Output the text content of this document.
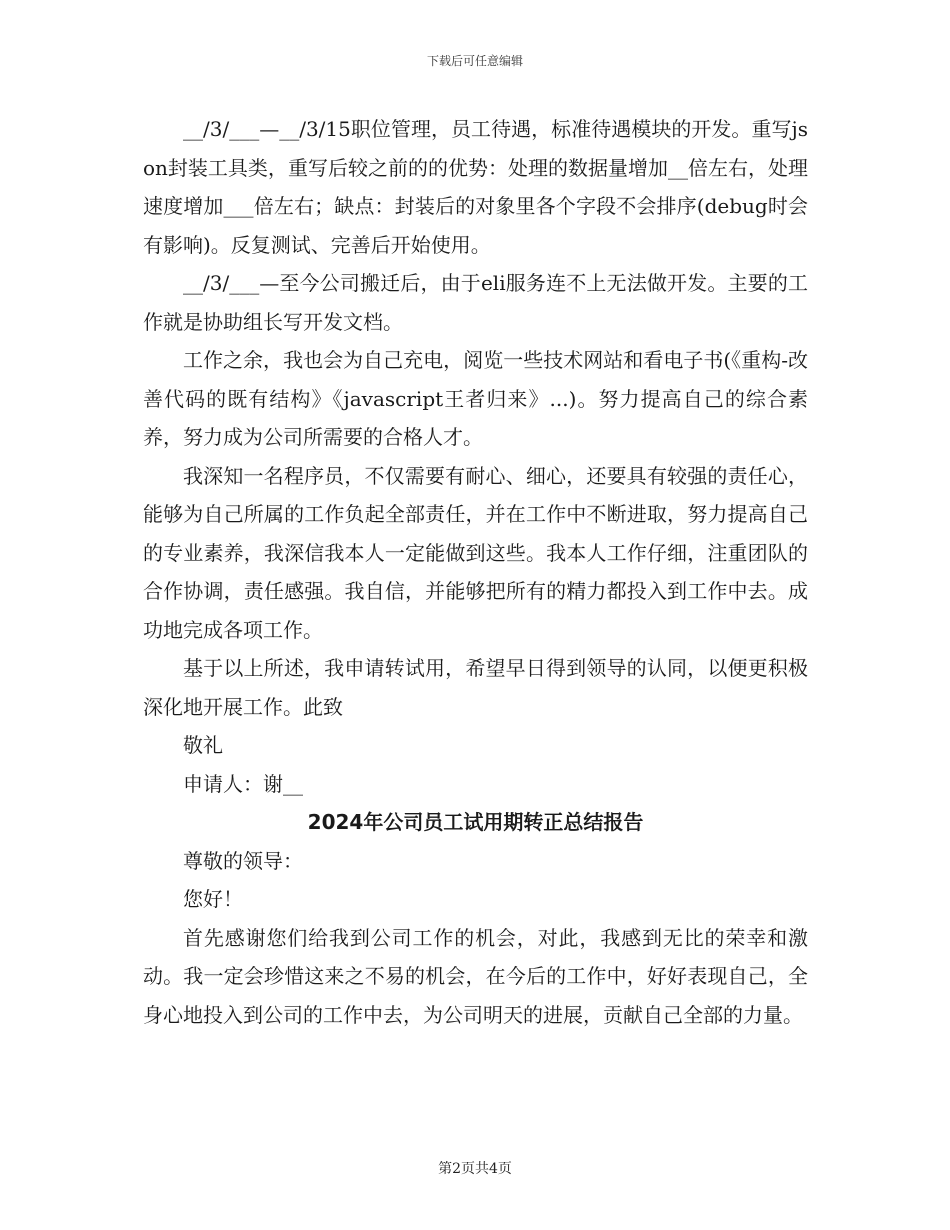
下载后可任意编辑

__/3/___—__/3/15职位管理，员工待遇，标准待遇模块的开发。重写json封装工具类，重写后较之前的的优势：处理的数据量增加__倍左右，处理速度增加___倍左右；缺点：封装后的对象里各个字段不会排序(debug时会有影响)。反复测试、完善后开始使用。

__/3/___—至今公司搬迁后，由于eli服务连不上无法做开发。主要的工作就是协助组长写开发文档。

工作之余，我也会为自己充电，阅览一些技术网站和看电子书(《重构-改善代码的既有结构》《javascript王者归来》...)。努力提高自己的综合素养，努力成为公司所需要的合格人才。

我深知一名程序员，不仅需要有耐心、细心，还要具有较强的责任心，能够为自己所属的工作负起全部责任，并在工作中不断进取，努力提高自己的专业素养，我深信我本人一定能做到这些。我本人工作仔细，注重团队的合作协调，责任感强。我自信，并能够把所有的精力都投入到工作中去。成功地完成各项工作。

基于以上所述，我申请转试用，希望早日得到领导的认同，以便更积极深化地开展工作。此致

敬礼

申请人：谢__

2024年公司员工试用期转正总结报告

尊敬的领导：

您好！

首先感谢您们给我到公司工作的机会，对此，我感到无比的荣幸和激动。我一定会珍惜这来之不易的机会，在今后的工作中，好好表现自己，全身心地投入到公司的工作中去，为公司明天的进展，贡献自己全部的力量。

第2页共4页
